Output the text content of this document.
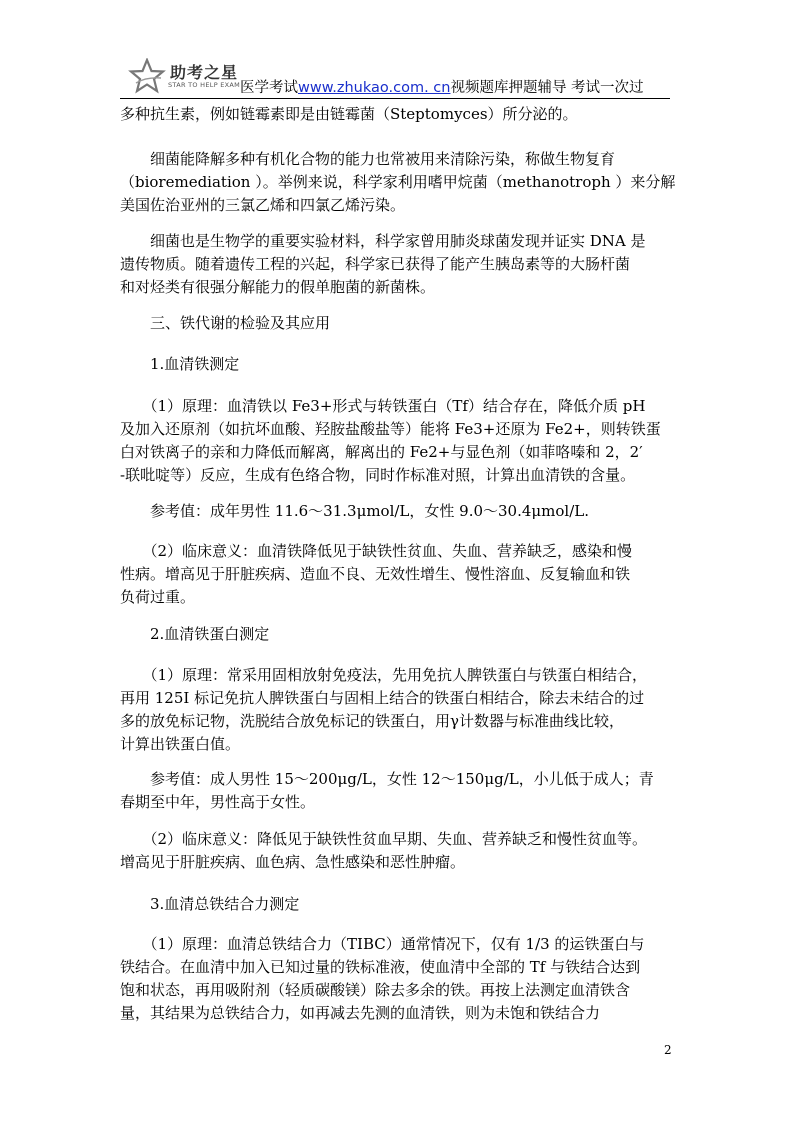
助考之星
STAR TO HELP EXAM 医学考试www.zhukao.com. cn视频题库押题辅导 考试一次过
多种抗生素，例如链霉素即是由链霉菌（Steptomyces）所分泌的。
　　细菌能降解多种有机化合物的能力也常被用来清除污染，称做生物复育
（bioremediation ）。举例来说，科学家利用嗜甲烷菌（methanotroph ）来分解
美国佐治亚州的三氯乙烯和四氯乙烯污染。
　　细菌也是生物学的重要实验材料，科学家曾用肺炎球菌发现并证实 DNA 是
遗传物质。随着遗传工程的兴起，科学家已获得了能产生胰岛素等的大肠杆菌
和对烃类有很强分解能力的假单胞菌的新菌株。
　　三、铁代谢的检验及其应用
　　1.血清铁测定
　　（1）原理：血清铁以 Fe3+形式与转铁蛋白（Tf）结合存在，降低介质 pH
及加入还原剂（如抗坏血酸、羟胺盐酸盐等）能将 Fe3+还原为 Fe2+，则转铁蛋
白对铁离子的亲和力降低而解离，解离出的 Fe2+与显色剂（如菲咯嗪和 2，2′
-联吡啶等）反应，生成有色络合物，同时作标准对照，计算出血清铁的含量。
　　参考值：成年男性 11.6～31.3μmol/L，女性 9.0～30.4μmol/L.
　　（2）临床意义：血清铁降低见于缺铁性贫血、失血、营养缺乏，感染和慢
性病。增高见于肝脏疾病、造血不良、无效性增生、慢性溶血、反复输血和铁
负荷过重。
　　2.血清铁蛋白测定
　　（1）原理：常采用固相放射免疫法，先用免抗人脾铁蛋白与铁蛋白相结合，
再用 125I 标记免抗人脾铁蛋白与固相上结合的铁蛋白相结合，除去未结合的过
多的放免标记物，洗脱结合放免标记的铁蛋白，用γ计数器与标准曲线比较，
计算出铁蛋白值。
　　参考值：成人男性 15～200μg/L，女性 12～150μg/L，小儿低于成人；青
春期至中年，男性高于女性。
　　（2）临床意义：降低见于缺铁性贫血早期、失血、营养缺乏和慢性贫血等。
增高见于肝脏疾病、血色病、急性感染和恶性肿瘤。
　　3.血清总铁结合力测定
　　（1）原理：血清总铁结合力（TIBC）通常情况下，仅有 1/3 的运铁蛋白与
铁结合。在血清中加入已知过量的铁标准液，使血清中全部的 Tf 与铁结合达到
饱和状态，再用吸附剂（轻质碳酸镁）除去多余的铁。再按上法测定血清铁含
量，其结果为总铁结合力，如再减去先测的血清铁，则为未饱和铁结合力
2
